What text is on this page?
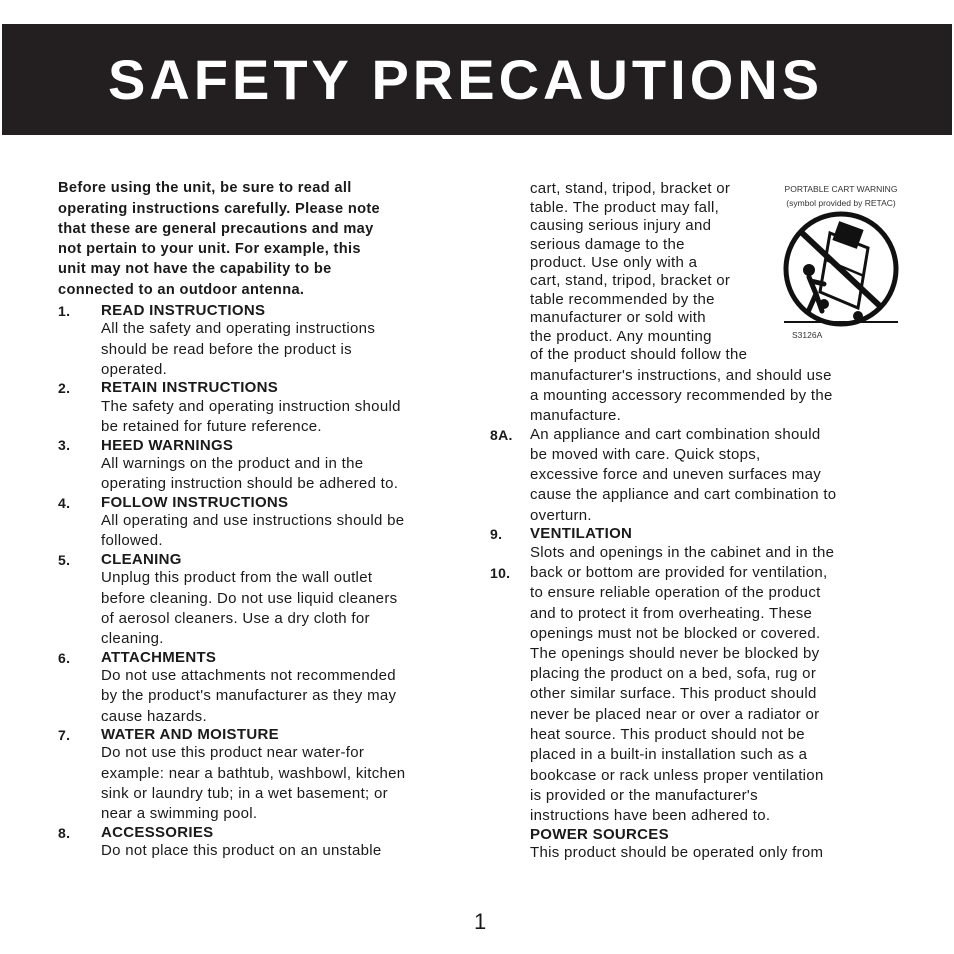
SAFETY PRECAUTIONS

Before using the unit, be sure to read all

operating instructions carefully. Please note

that these are general precautions and may

not pertain to your unit. For example, this

unit may not have the capability to be

connected to an outdoor antenna.

1. READ INSTRUCTIONS

All the safety and operating instructions

should be read before the product is

operated.

2. RETAIN INSTRUCTIONS

The safety and operating instruction should

be retained for future reference.

3. HEED WARNINGS

All warnings on the product and in the

operating instruction should be adhered to.

4. FOLLOW INSTRUCTIONS

All operating and use instructions should be

followed.

5. CLEANING

Unplug this product from the wall outlet

before cleaning. Do not use liquid cleaners

of aerosol cleaners. Use a dry cloth for

cleaning.

6. ATTACHMENTS

Do not use attachments not recommended

by the product's manufacturer as they may

cause hazards.

7. WATER AND MOISTURE

Do not use this product near water-for

example: near a bathtub, washbowl, kitchen

sink or laundry tub; in a wet basement; or

near a swimming pool.

8. ACCESSORIES

Do not place this product on an unstable

cart, stand, tripod, bracket or

table. The product may fall,

causing serious injury and

serious damage to the

product. Use only with a

cart, stand, tripod, bracket or

table recommended by the

manufacturer or sold with

the product. Any mounting

of the product should follow the

manufacturer's instructions, and should use

a mounting accessory recommended by the

manufacture.

PORTABLE CART WARNING
(symbol provided by RETAC)
S3126A

8A. An appliance and cart combination should

be moved with care. Quick stops,

excessive force and uneven surfaces may

cause the appliance and cart combination to

overturn.

9. VENTILATION

Slots and openings in the cabinet and in the

10. back or bottom are provided for ventilation,

to ensure reliable operation of the product

and to protect it from overheating. These

openings must not be blocked or covered.

The openings should never be blocked by

placing the product on a bed, sofa, rug or

other similar surface. This product should

never be placed near or over a radiator or

heat source. This product should not be

placed in a built-in installation such as a

bookcase or rack unless proper ventilation

is provided or the manufacturer's

instructions have been adhered to.

POWER SOURCES

This product should be operated only from

1
